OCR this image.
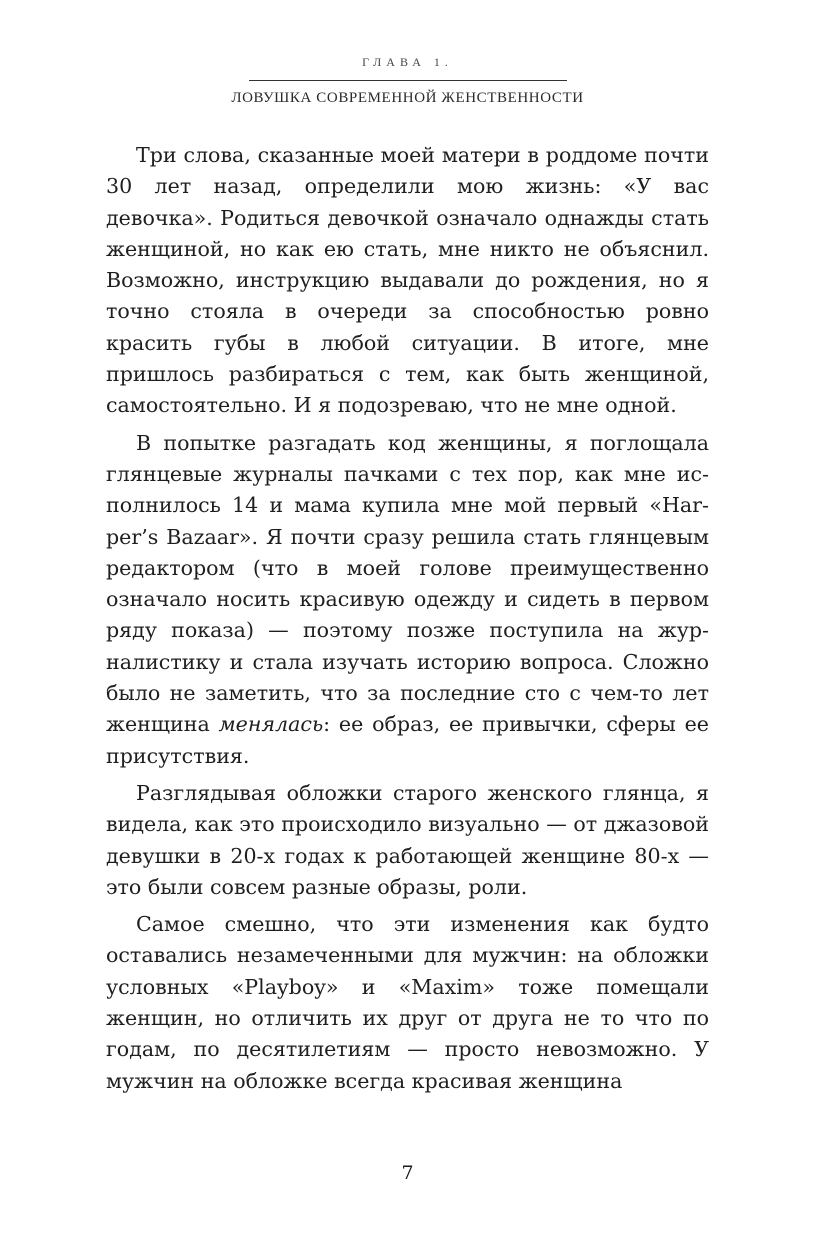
ГЛАВА 1.
ЛОВУШКА СОВРЕМЕННОЙ ЖЕНСТВЕННОСТИ

Три слова, сказанные моей матери в роддоме почти 30 лет назад, определили мою жизнь: «У вас девочка». Родиться девочкой означало однажды стать женщиной, но как ею стать, мне никто не объяснил. Возможно, инструкцию выдавали до рождения, но я точно стояла в очереди за способностью ровно красить губы в любой ситуации. В итоге, мне пришлось разбираться с тем, как быть женщиной, самостоятельно. И я подозреваю, что не мне одной.

В попытке разгадать код женщины, я поглощала глянцевые журналы пачками с тех пор, как мне исполнилось 14 и мама купила мне мой первый «Harper’s Bazaar». Я почти сразу решила стать глянцевым редактором (что в моей голове преимущественно означало носить красивую одежду и сидеть в первом ряду показа) — поэтому позже поступила на журналистику и стала изучать историю вопроса. Сложно было не заметить, что за последние сто с чем-то лет женщина менялась: ее образ, ее привычки, сферы ее присутствия.

Разглядывая обложки старого женского глянца, я видела, как это происходило визуально — от джазовой девушки в 20-х годах к работающей женщине 80-х — это были совсем разные образы, роли.

Самое смешно, что эти изменения как будто оставались незамеченными для мужчин: на обложки условных «Playboy» и «Maxim» тоже помещали женщин, но отличить их друг от друга не то что по годам, по десятилетиям — просто невозможно. У мужчин на обложке всегда красивая женщина

7
